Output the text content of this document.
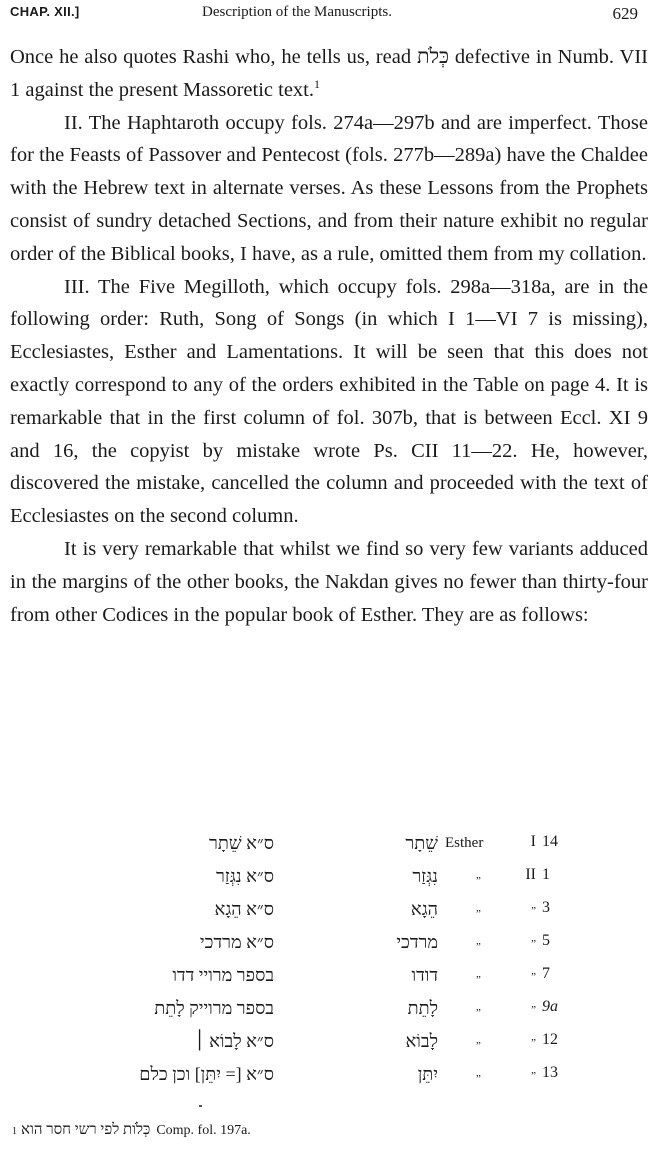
CHAP. XII.]	Description of the Manuscripts.	629

Once he also quotes Rashi who, he tells us, read כְּלֹת defective in Numb. VII 1 against the present Massoretic text.$^1$

II. The Haphtaroth occupy fols. 274a—297b and are imperfect. Those for the Feasts of Passover and Pentecost (fols. 277b—289a) have the Chaldee with the Hebrew text in alternate verses. As these Lessons from the Prophets consist of sundry detached Sections, and from their nature exhibit no regular order of the Biblical books, I have, as a rule, omitted them from my collation.

III. The Five Megilloth, which occupy fols. 298a—318a, are in the following order: Ruth, Song of Songs (in which I 1—VI 7 is missing), Ecclesiastes, Esther and Lamentations. It will be seen that this does not exactly correspond to any of the orders exhibited in the Table on page 4. It is remarkable that in the first column of fol. 307b, that is between Eccl. XI 9 and 16, the copyist by mistake wrote Ps. CII 11—22. He, however, discovered the mistake, cancelled the column and proceeded with the text of Ecclesiastes on the second column.

It is very remarkable that whilst we find so very few variants adduced in the margins of the other books, the Nakdan gives no fewer than thirty-four from other Codices in the popular book of Esther. They are as follows:

ס״א שֵׁתָר	שֵׁתָר Esther	I 14
ס״א נִגְּזַר	נִגְּזַר	„	II 1
ס״א הֵגָא	הֵגָא	„	„ 3
ס״א מרדכי	מרדכי	„	„ 5
בספר מרויי דדו	דודו	„	„ 7
בספר מרוייק לָתֵת	לָתֵת	„	„ 9a
ס״א לָבוֹא ׀	לָבוֹא	„	„ 12
ס״א [= יִתֵּן] וכן כלם	יִתֵּן	„	„ 13
1 כְּלֹות לפי רשי חסר הוא Comp. fol. 197a.
